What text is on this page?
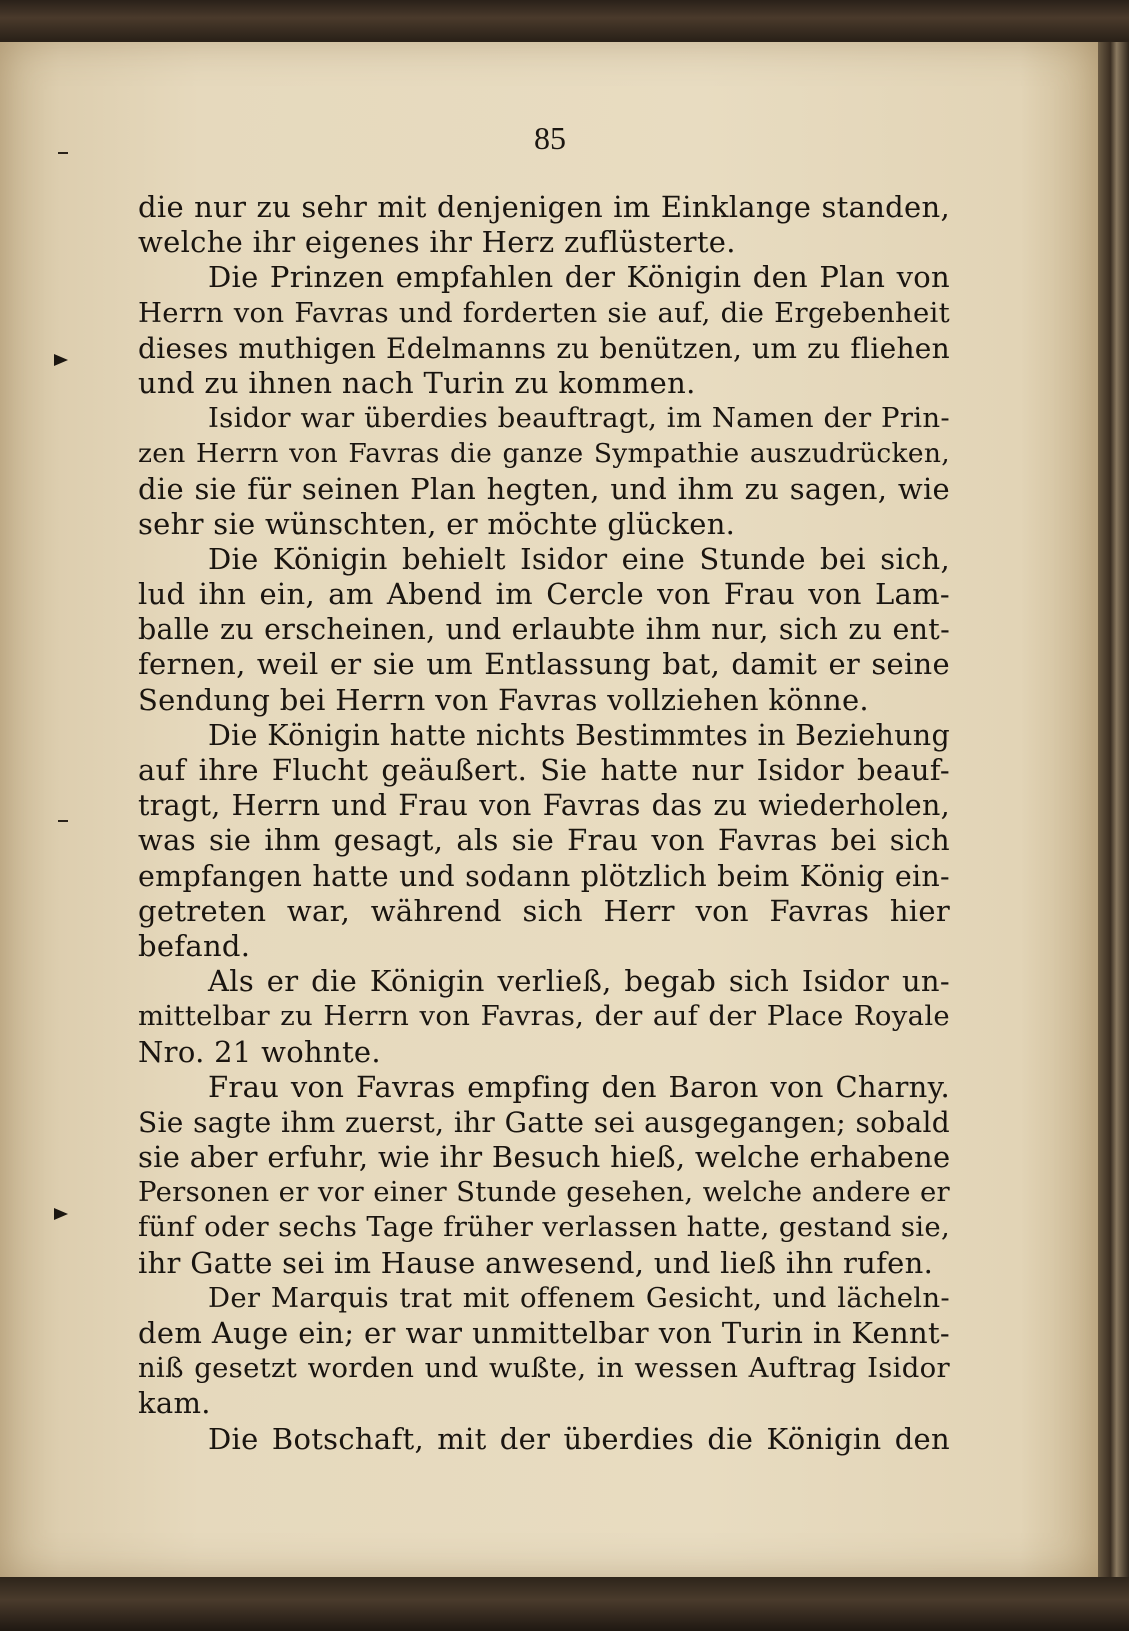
85
die nur zu sehr mit denjenigen im Einklange standen,
welche ihr eigenes ihr Herz zuflüsterte.
Die Prinzen empfahlen der Königin den Plan von
Herrn von Favras und forderten sie auf, die Ergebenheit
dieses muthigen Edelmanns zu benützen, um zu fliehen
und zu ihnen nach Turin zu kommen.
Isidor war überdies beauftragt, im Namen der Prin-
zen Herrn von Favras die ganze Sympathie auszudrücken,
die sie für seinen Plan hegten, und ihm zu sagen, wie
sehr sie wünschten, er möchte glücken.
Die Königin behielt Isidor eine Stunde bei sich,
lud ihn ein, am Abend im Cercle von Frau von Lam-
balle zu erscheinen, und erlaubte ihm nur, sich zu ent-
fernen, weil er sie um Entlassung bat, damit er seine
Sendung bei Herrn von Favras vollziehen könne.
Die Königin hatte nichts Bestimmtes in Beziehung
auf ihre Flucht geäußert. Sie hatte nur Isidor beauf-
tragt, Herrn und Frau von Favras das zu wiederholen,
was sie ihm gesagt, als sie Frau von Favras bei sich
empfangen hatte und sodann plötzlich beim König ein-
getreten war, während sich Herr von Favras hier
befand.
Als er die Königin verließ, begab sich Isidor un-
mittelbar zu Herrn von Favras, der auf der Place Royale
Nro. 21 wohnte.
Frau von Favras empfing den Baron von Charny.
Sie sagte ihm zuerst, ihr Gatte sei ausgegangen; sobald
sie aber erfuhr, wie ihr Besuch hieß, welche erhabene
Personen er vor einer Stunde gesehen, welche andere er
fünf oder sechs Tage früher verlassen hatte, gestand sie,
ihr Gatte sei im Hause anwesend, und ließ ihn rufen.
Der Marquis trat mit offenem Gesicht, und lächeln-
dem Auge ein; er war unmittelbar von Turin in Kennt-
niß gesetzt worden und wußte, in wessen Auftrag Isidor
kam.
Die Botschaft, mit der überdies die Königin den
